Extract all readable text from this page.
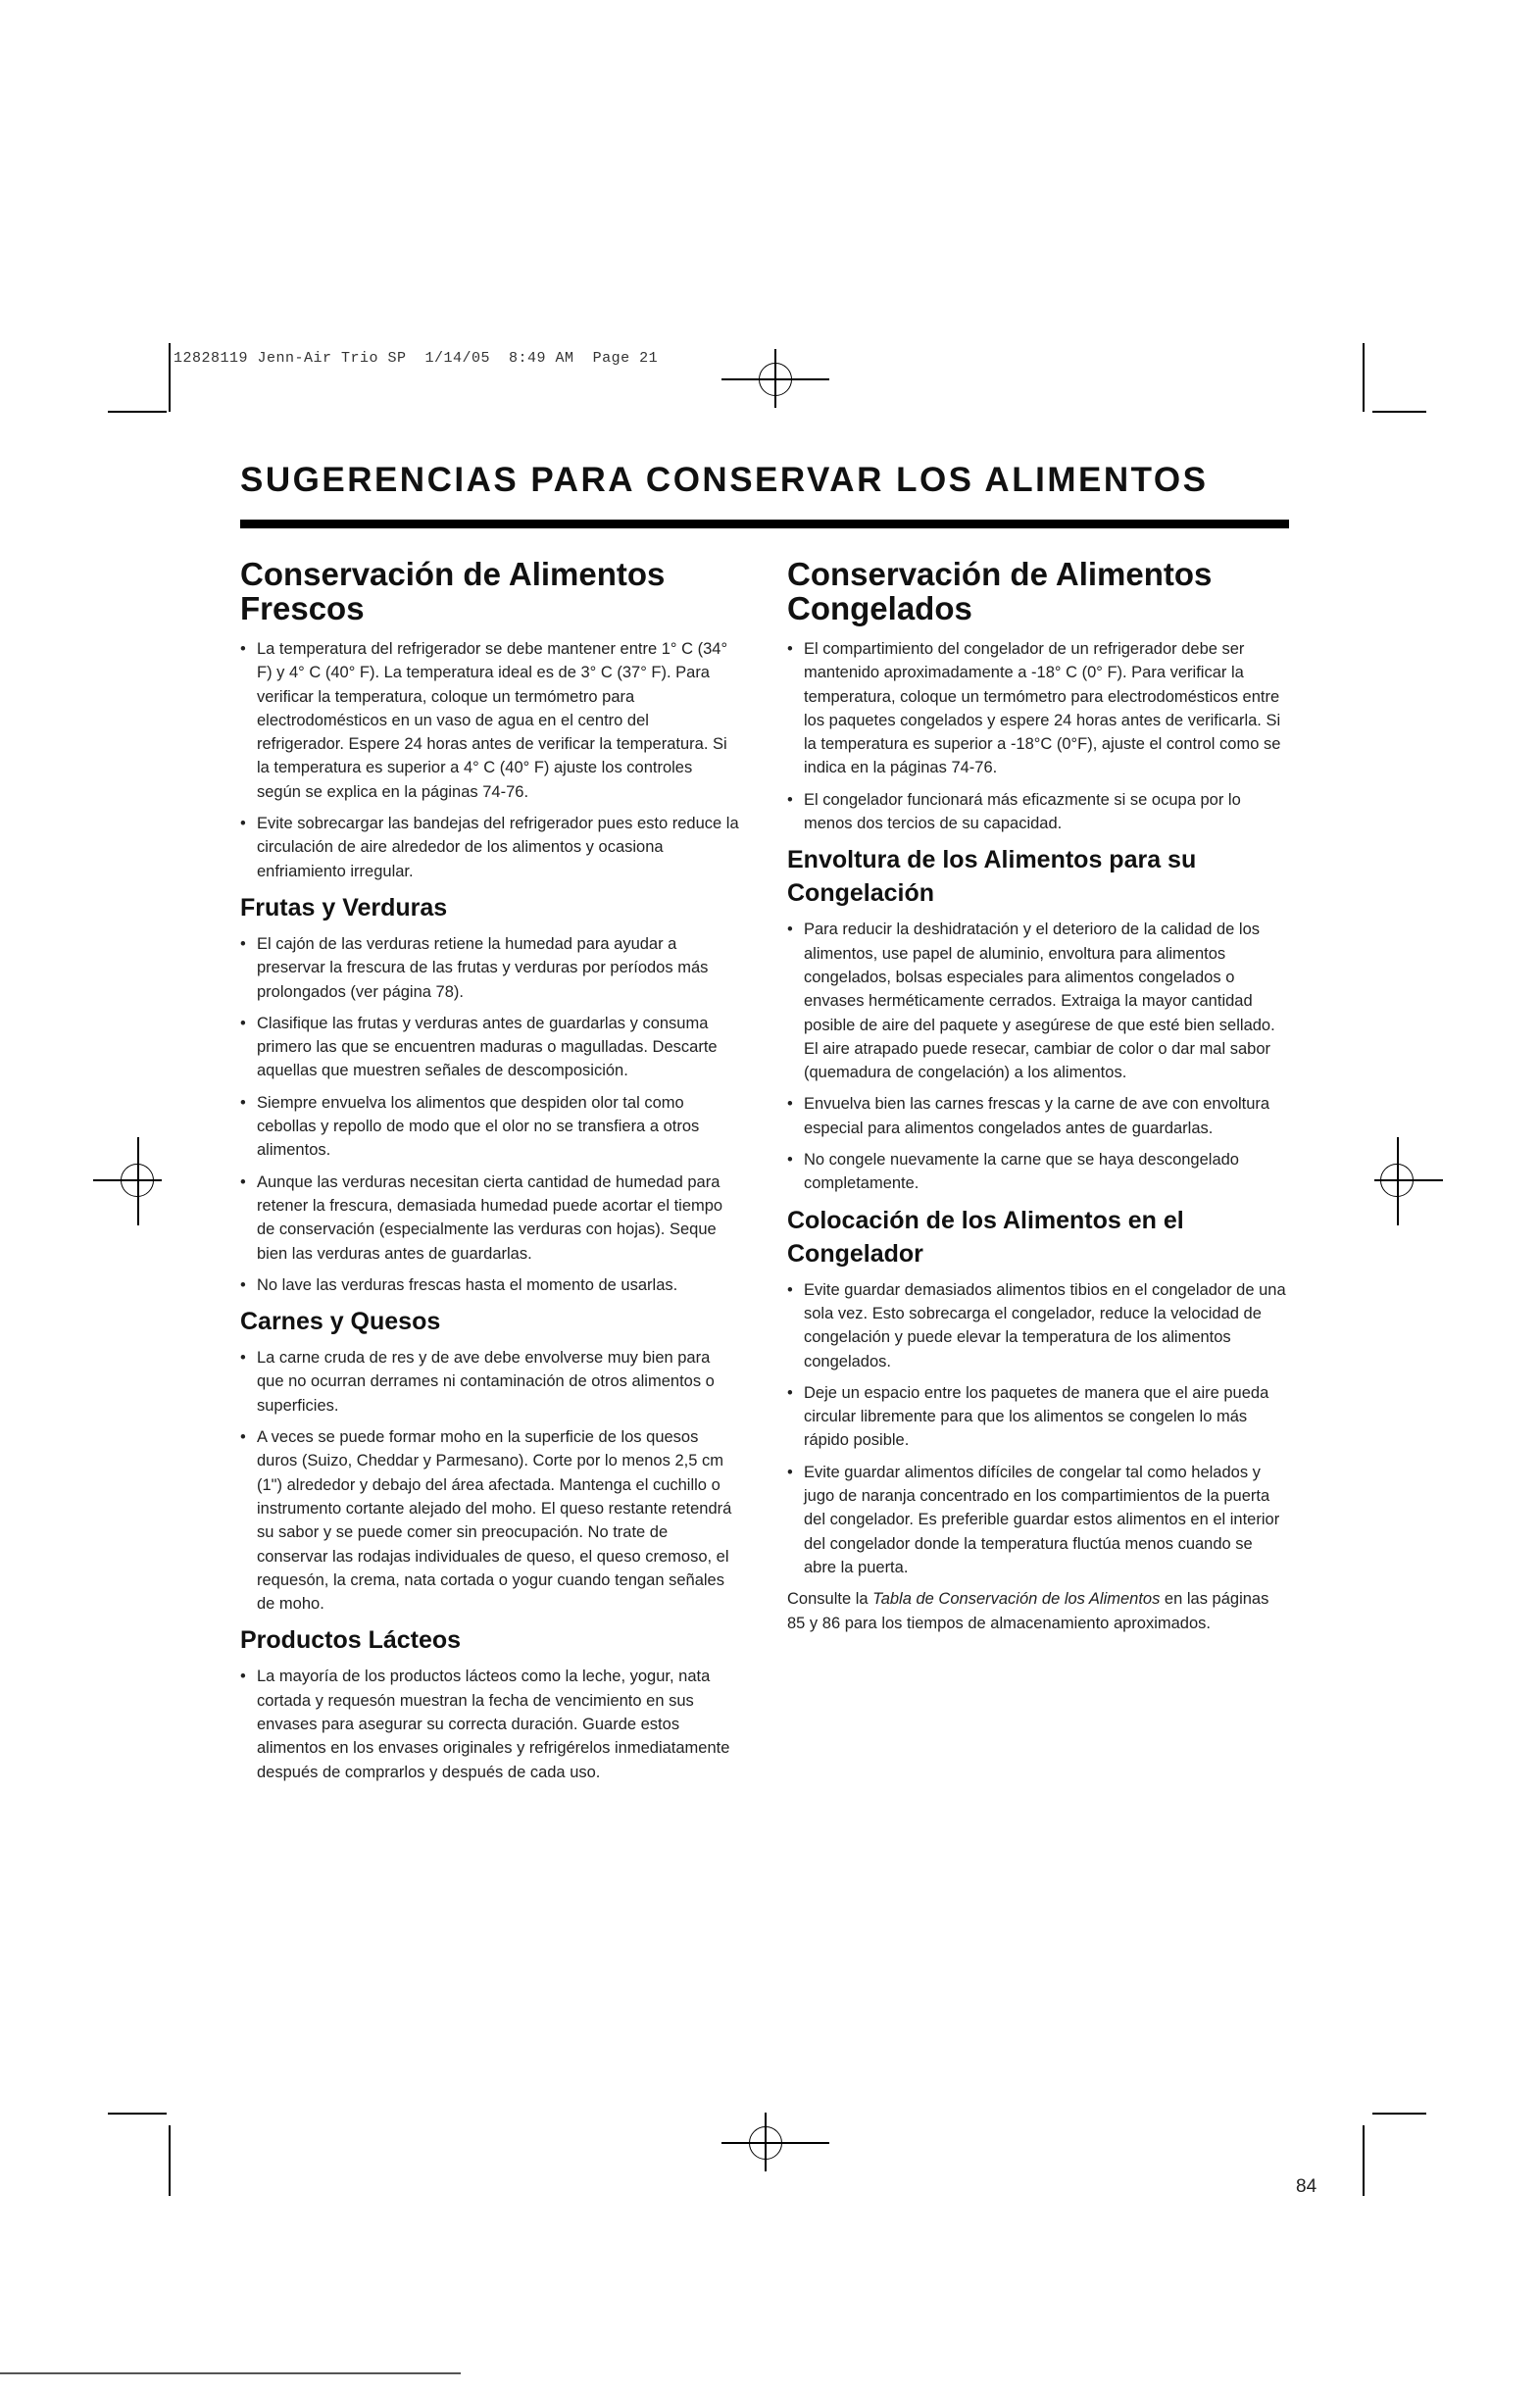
12828119 Jenn-Air Trio SP  1/14/05  8:49 AM  Page 21
SUGERENCIAS PARA CONSERVAR LOS ALIMENTOS
Conservación de Alimentos Frescos
• La temperatura del refrigerador se debe mantener entre 1° C (34° F) y 4° C (40° F). La temperatura ideal es de 3° C (37° F). Para verificar la temperatura, coloque un termómetro para electrodomésticos en un vaso de agua en el centro del refrigerador. Espere 24 horas antes de verificar la temperatura. Si la temperatura es superior a 4° C (40° F) ajuste los controles según se explica en la páginas 74-76.
• Evite sobrecargar las bandejas del refrigerador pues esto reduce la circulación de aire alrededor de los alimentos y ocasiona enfriamiento irregular.
Frutas y Verduras
• El cajón de las verduras retiene la humedad para ayudar a preservar la frescura de las frutas y verduras por períodos más prolongados (ver página 78).
• Clasifique las frutas y verduras antes de guardarlas y consuma primero las que se encuentren maduras o magulladas. Descarte aquellas que muestren señales de descomposición.
• Siempre envuelva los alimentos que despiden olor tal como cebollas y repollo de modo que el olor no se transfiera a otros alimentos.
• Aunque las verduras necesitan cierta cantidad de humedad para retener la frescura, demasiada humedad puede acortar el tiempo de conservación (especialmente las verduras con hojas). Seque bien las verduras antes de guardarlas.
• No lave las verduras frescas hasta el momento de usarlas.
Carnes y Quesos
• La carne cruda de res y de ave debe envolverse muy bien para que no ocurran derrames ni contaminación de otros alimentos o superficies.
• A veces se puede formar moho en la superficie de los quesos duros (Suizo, Cheddar y Parmesano). Corte por lo menos 2,5 cm (1") alrededor y debajo del área afectada. Mantenga el cuchillo o instrumento cortante alejado del moho. El queso restante retendrá su sabor y se puede comer sin preocupación. No trate de conservar las rodajas individuales de queso, el queso cremoso, el requesón, la crema, nata cortada o yogur cuando tengan señales de moho.
Productos Lácteos
• La mayoría de los productos lácteos como la leche, yogur, nata cortada y requesón muestran la fecha de vencimiento en sus envases para asegurar su correcta duración. Guarde estos alimentos en los envases originales y refrigérelos inmediatamente después de comprarlos y después de cada uso.
Conservación de Alimentos Congelados
• El compartimiento del congelador de un refrigerador debe ser mantenido aproximadamente a -18° C (0° F). Para verificar la temperatura, coloque un termómetro para electrodomésticos entre los paquetes congelados y espere 24 horas antes de verificarla. Si la temperatura es superior a -18°C (0°F), ajuste el control como se indica en la páginas 74-76.
• El congelador funcionará más eficazmente si se ocupa por lo menos dos tercios de su capacidad.
Envoltura de los Alimentos para su Congelación
• Para reducir la deshidratación y el deterioro de la calidad de los alimentos, use papel de aluminio, envoltura para alimentos congelados, bolsas especiales para alimentos congelados o envases herméticamente cerrados. Extraiga la mayor cantidad posible de aire del paquete y asegúrese de que esté bien sellado. El aire atrapado puede resecar, cambiar de color o dar mal sabor (quemadura de congelación) a los alimentos.
• Envuelva bien las carnes frescas y la carne de ave con envoltura especial para alimentos congelados antes de guardarlas.
• No congele nuevamente la carne que se haya descongelado completamente.
Colocación de los Alimentos en el Congelador
• Evite guardar demasiados alimentos tibios en el congelador de una sola vez. Esto sobrecarga el congelador, reduce la velocidad de congelación y puede elevar la temperatura de los alimentos congelados.
• Deje un espacio entre los paquetes de manera que el aire pueda circular libremente para que los alimentos se congelen lo más rápido posible.
• Evite guardar alimentos difíciles de congelar tal como helados y jugo de naranja concentrado en los compartimientos de la puerta del congelador. Es preferible guardar estos alimentos en el interior del congelador donde la temperatura fluctúa menos cuando se abre la puerta.

Consulte la Tabla de Conservación de los Alimentos en las páginas 85 y 86 para los tiempos de almacenamiento aproximados.

84
